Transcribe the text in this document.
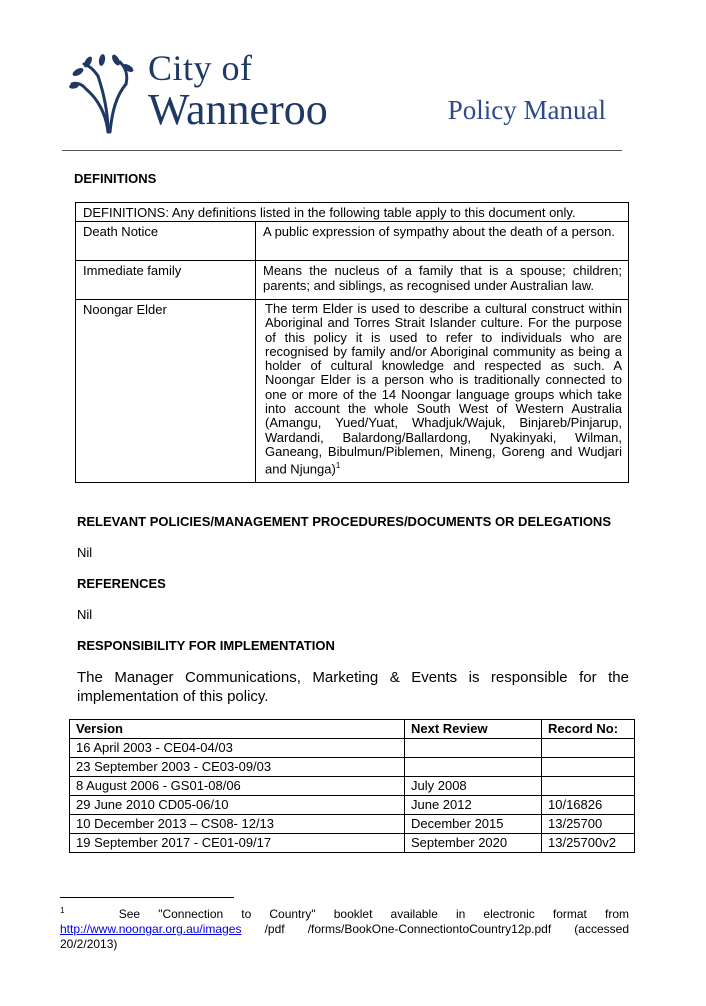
City of
Wanneroo	Policy Manual
DEFINITIONS
DEFINITIONS: Any definitions listed in the following table apply to this document only.	
Death Notice	A public expression of sympathy about the death of a person.
Immediate family	Means the nucleus of a family that is a spouse; children; parents; and siblings, as recognised under Australian law.
Noongar Elder	The term Elder is used to describe a cultural construct within Aboriginal and Torres Strait Islander culture. For the purpose of this policy it is used to refer to individuals who are recognised by family and/or Aboriginal community as being a holder of cultural knowledge and respected as such. A Noongar Elder is a person who is traditionally connected to one or more of the 14 Noongar language groups which take into account the whole South West of Western Australia (Amangu, Yued/Yuat, Whadjuk/Wajuk, Binjareb/Pinjarup, Wardandi, Balardong/Ballardong, Nyakinyaki, Wilman, Ganeang, Bibulmun/Piblemen, Mineng, Goreng and Wudjari and Njunga)$^1$
RELEVANT POLICIES/MANAGEMENT PROCEDURES/DOCUMENTS OR DELEGATIONS
Nil
REFERENCES
Nil
RESPONSIBILITY FOR IMPLEMENTATION
The Manager Communications, Marketing & Events is responsible for the implementation of this policy.
Version	Next Review	Record No:
16 April 2003 - CE04-04/03		
23 September 2003 - CE03-09/03		
8 August 2006 - GS01-08/06	July 2008	
29 June 2010 CD05-06/10	June 2012	10/16826
10 December 2013 – CS08- 12/13	December 2015	13/25700
19 September 2017 - CE01-09/17	September 2020	13/25700v2
$^1$	See "Connection to Country" booklet available in electronic format from http://www.noongar.org.au/images /pdf /forms/BookOne-ConnectiontoCountry12p.pdf (accessed 20/2/2013)
